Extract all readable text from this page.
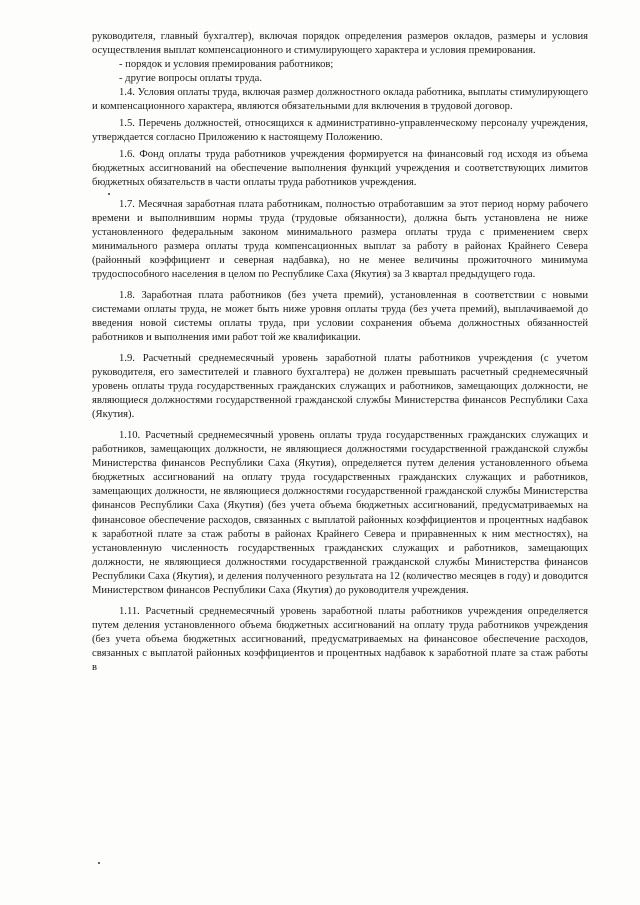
руководителя, главный бухгалтер), включая порядок определения размеров окладов, размеры и условия осуществления выплат компенсационного и стимулирующего характера и условия премирования.

- порядок и условия премирования работников;

- другие вопросы оплаты труда.

1.4. Условия оплаты труда, включая размер должностного оклада работника, выплаты стимулирующего и компенсационного характера, являются обязательными для включения в трудовой договор.

1.5. Перечень должностей, относящихся к административно-управленческому персоналу учреждения, утверждается согласно Приложению к настоящему Положению.

1.6. Фонд оплаты труда работников учреждения формируется на финансовый год исходя из объема бюджетных ассигнований на обеспечение выполнения функций учреждения и соответствующих лимитов бюджетных обязательств в части оплаты труда работников учреждения.

1.7. Месячная заработная плата работникам, полностью отработавшим за этот период норму рабочего времени и выполнившим нормы труда (трудовые обязанности), должна быть установлена не ниже установленного федеральным законом минимального размера оплаты труда с применением сверх минимального размера оплаты труда компенсационных выплат за работу в районах Крайнего Севера (районный коэффициент и северная надбавка), но не менее величины прожиточного минимума трудоспособного населения в целом по Республике Саха (Якутия) за 3 квартал предыдущего года.

1.8. Заработная плата работников (без учета премий), установленная в соответствии с новыми системами оплаты труда, не может быть ниже уровня оплаты труда (без учета премий), выплачиваемой до введения новой системы оплаты труда, при условии сохранения объема должностных обязанностей работников и выполнения ими работ той же квалификации.

1.9. Расчетный среднемесячный уровень заработной платы работников учреждения (с учетом руководителя, его заместителей и главного бухгалтера) не должен превышать расчетный среднемесячный уровень оплаты труда государственных гражданских служащих и работников, замещающих должности, не являющиеся должностями государственной гражданской службы Министерства финансов Республики Саха (Якутия).

1.10. Расчетный среднемесячный уровень оплаты труда государственных гражданских служащих и работников, замещающих должности, не являющиеся должностями государственной гражданской службы Министерства финансов Республики Саха (Якутия), определяется путем деления установленного объема бюджетных ассигнований на оплату труда государственных гражданских служащих и работников, замещающих должности, не являющиеся должностями государственной гражданской службы Министерства финансов Республики Саха (Якутия) (без учета объема бюджетных ассигнований, предусматриваемых на финансовое обеспечение расходов, связанных с выплатой районных коэффициентов и процентных надбавок к заработной плате за стаж работы в районах Крайнего Севера и приравненных к ним местностях), на установленную численность государственных гражданских служащих и работников, замещающих должности, не являющиеся должностями государственной гражданской службы Министерства финансов Республики Саха (Якутия), и деления полученного результата на 12 (количество месяцев в году) и доводится Министерством финансов Республики Саха (Якутия) до руководителя учреждения.

1.11. Расчетный среднемесячный уровень заработной платы работников учреждения определяется путем деления установленного объема бюджетных ассигнований на оплату труда работников учреждения (без учета объема бюджетных ассигнований, предусматриваемых на финансовое обеспечение расходов, связанных с выплатой районных коэффициентов и процентных надбавок к заработной плате за стаж работы в
